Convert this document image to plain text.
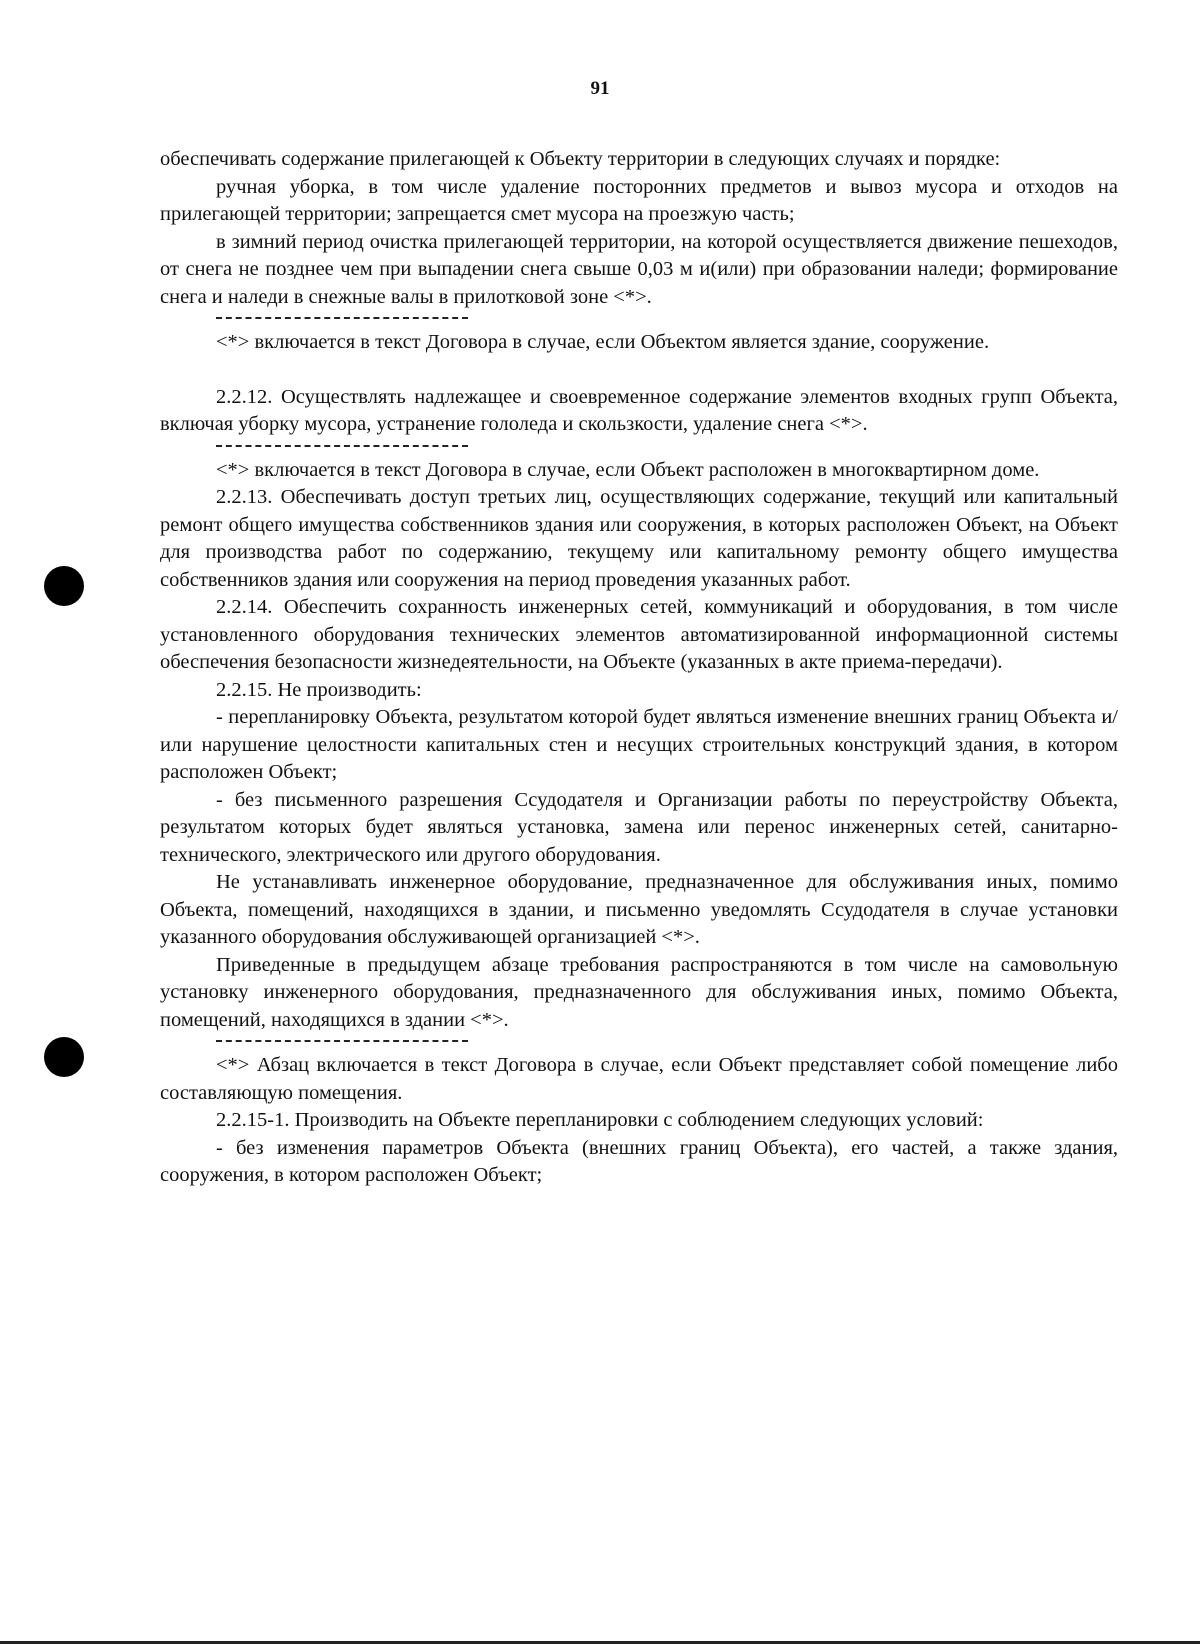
91

обеспечивать содержание прилегающей к Объекту территории в следующих случаях и порядке:

ручная уборка, в том числе удаление посторонних предметов и вывоз мусора и отходов на прилегающей территории; запрещается смет мусора на проезжую часть;

в зимний период очистка прилегающей территории, на которой осуществляется движение пешеходов, от снега не позднее чем при выпадении снега свыше 0,03 м и(или) при образовании наледи; формирование снега и наледи в снежные валы в прилотковой зоне <*>.

<*> включается в текст Договора в случае, если Объектом является здание, сооружение.

2.2.12. Осуществлять надлежащее и своевременное содержание элементов входных групп Объекта, включая уборку мусора, устранение гололеда и скользкости, удаление снега <*>.

<*> включается в текст Договора в случае, если Объект расположен в многоквартирном доме.

2.2.13. Обеспечивать доступ третьих лиц, осуществляющих содержание, текущий или капитальный ремонт общего имущества собственников здания или сооружения, в которых расположен Объект, на Объект для производства работ по содержанию, текущему или капитальному ремонту общего имущества собственников здания или сооружения на период проведения указанных работ.

2.2.14. Обеспечить сохранность инженерных сетей, коммуникаций и оборудования, в том числе установленного оборудования технических элементов автоматизированной информационной системы обеспечения безопасности жизнедеятельности, на Объекте (указанных в акте приема-передачи).

2.2.15. Не производить:

- перепланировку Объекта, результатом которой будет являться изменение внешних границ Объекта и/или нарушение целостности капитальных стен и несущих строительных конструкций здания, в котором расположен Объект;

- без письменного разрешения Ссудодателя и Организации работы по переустройству Объекта, результатом которых будет являться установка, замена или перенос инженерных сетей, санитарно-технического, электрического или другого оборудования.

Не устанавливать инженерное оборудование, предназначенное для обслуживания иных, помимо Объекта, помещений, находящихся в здании, и письменно уведомлять Ссудодателя в случае установки указанного оборудования обслуживающей организацией <*>.

Приведенные в предыдущем абзаце требования распространяются в том числе на самовольную установку инженерного оборудования, предназначенного для обслуживания иных, помимо Объекта, помещений, находящихся в здании <*>.

<*> Абзац включается в текст Договора в случае, если Объект представляет собой помещение либо составляющую помещения.

2.2.15-1. Производить на Объекте перепланировки с соблюдением следующих условий:

- без изменения параметров Объекта (внешних границ Объекта), его частей, а также здания, сооружения, в котором расположен Объект;
